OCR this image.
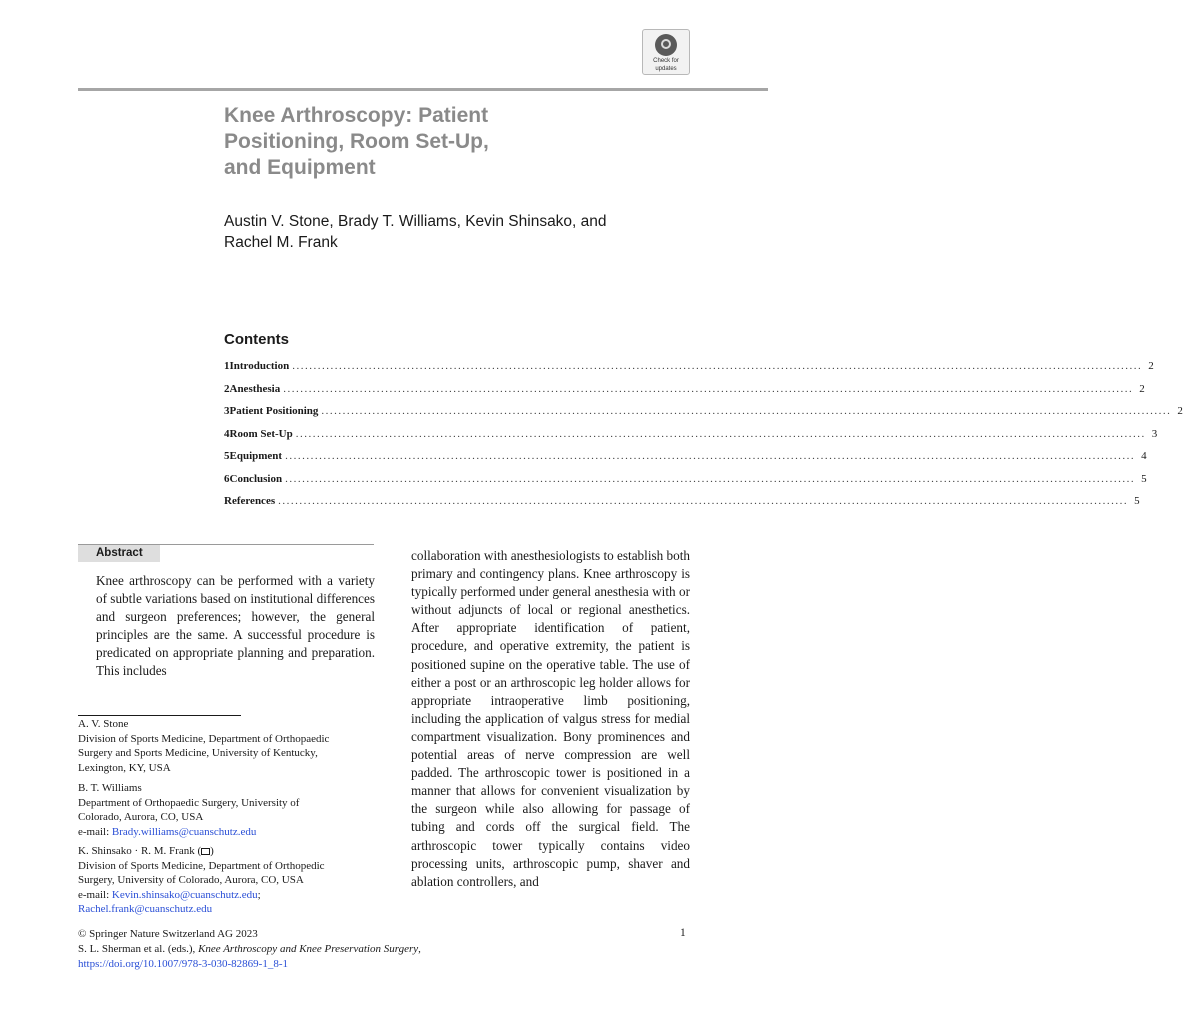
Check for
updates
Knee Arthroscopy: Patient
Positioning, Room Set-Up,
and Equipment
Austin V. Stone, Brady T. Williams, Kevin Shinsako, and
Rachel M. Frank
Contents
1 Introduction ........................................................................................................................................................................................................ 2
2 Anesthesia ........................................................................................................................................................................................................ 2
3 Patient Positioning ........................................................................................................................................................................................................ 2
4 Room Set-Up ........................................................................................................................................................................................................ 3
5 Equipment ........................................................................................................................................................................................................ 4
6 Conclusion ........................................................................................................................................................................................................ 5
References ........................................................................................................................................................................................................ 5
Abstract
Knee arthroscopy can be performed with a variety of subtle variations based on institutional differences and surgeon preferences; however, the general principles are the same. A successful procedure is predicated on appropriate planning and preparation. This includes
collaboration with anesthesiologists to establish both primary and contingency plans. Knee arthroscopy is typically performed under general anesthesia with or without adjuncts of local or regional anesthetics. After appropriate identification of patient, procedure, and operative extremity, the patient is positioned supine on the operative table. The use of either a post or an arthroscopic leg holder allows for appropriate intraoperative limb positioning, including the application of valgus stress for medial compartment visualization. Bony prominences and potential areas of nerve compression are well padded. The arthroscopic tower is positioned in a manner that allows for convenient visualization by the surgeon while also allowing for passage of tubing and cords off the surgical field. The arthroscopic tower typically contains video processing units, arthroscopic pump, shaver and ablation controllers, and
A. V. Stone
Division of Sports Medicine, Department of Orthopaedic
Surgery and Sports Medicine, University of Kentucky,
Lexington, KY, USA
B. T. Williams
Department of Orthopaedic Surgery, University of
Colorado, Aurora, CO, USA
e-mail: Brady.williams@cuanschutz.edu
K. Shinsako · R. M. Frank ( )
Division of Sports Medicine, Department of Orthopedic
Surgery, University of Colorado, Aurora, CO, USA
e-mail: Kevin.shinsako@cuanschutz.edu;
Rachel.frank@cuanschutz.edu
© Springer Nature Switzerland AG 2023
S. L. Sherman et al. (eds.), Knee Arthroscopy and Knee Preservation Surgery,
https://doi.org/10.1007/978-3-030-82869-1_8-1
1
